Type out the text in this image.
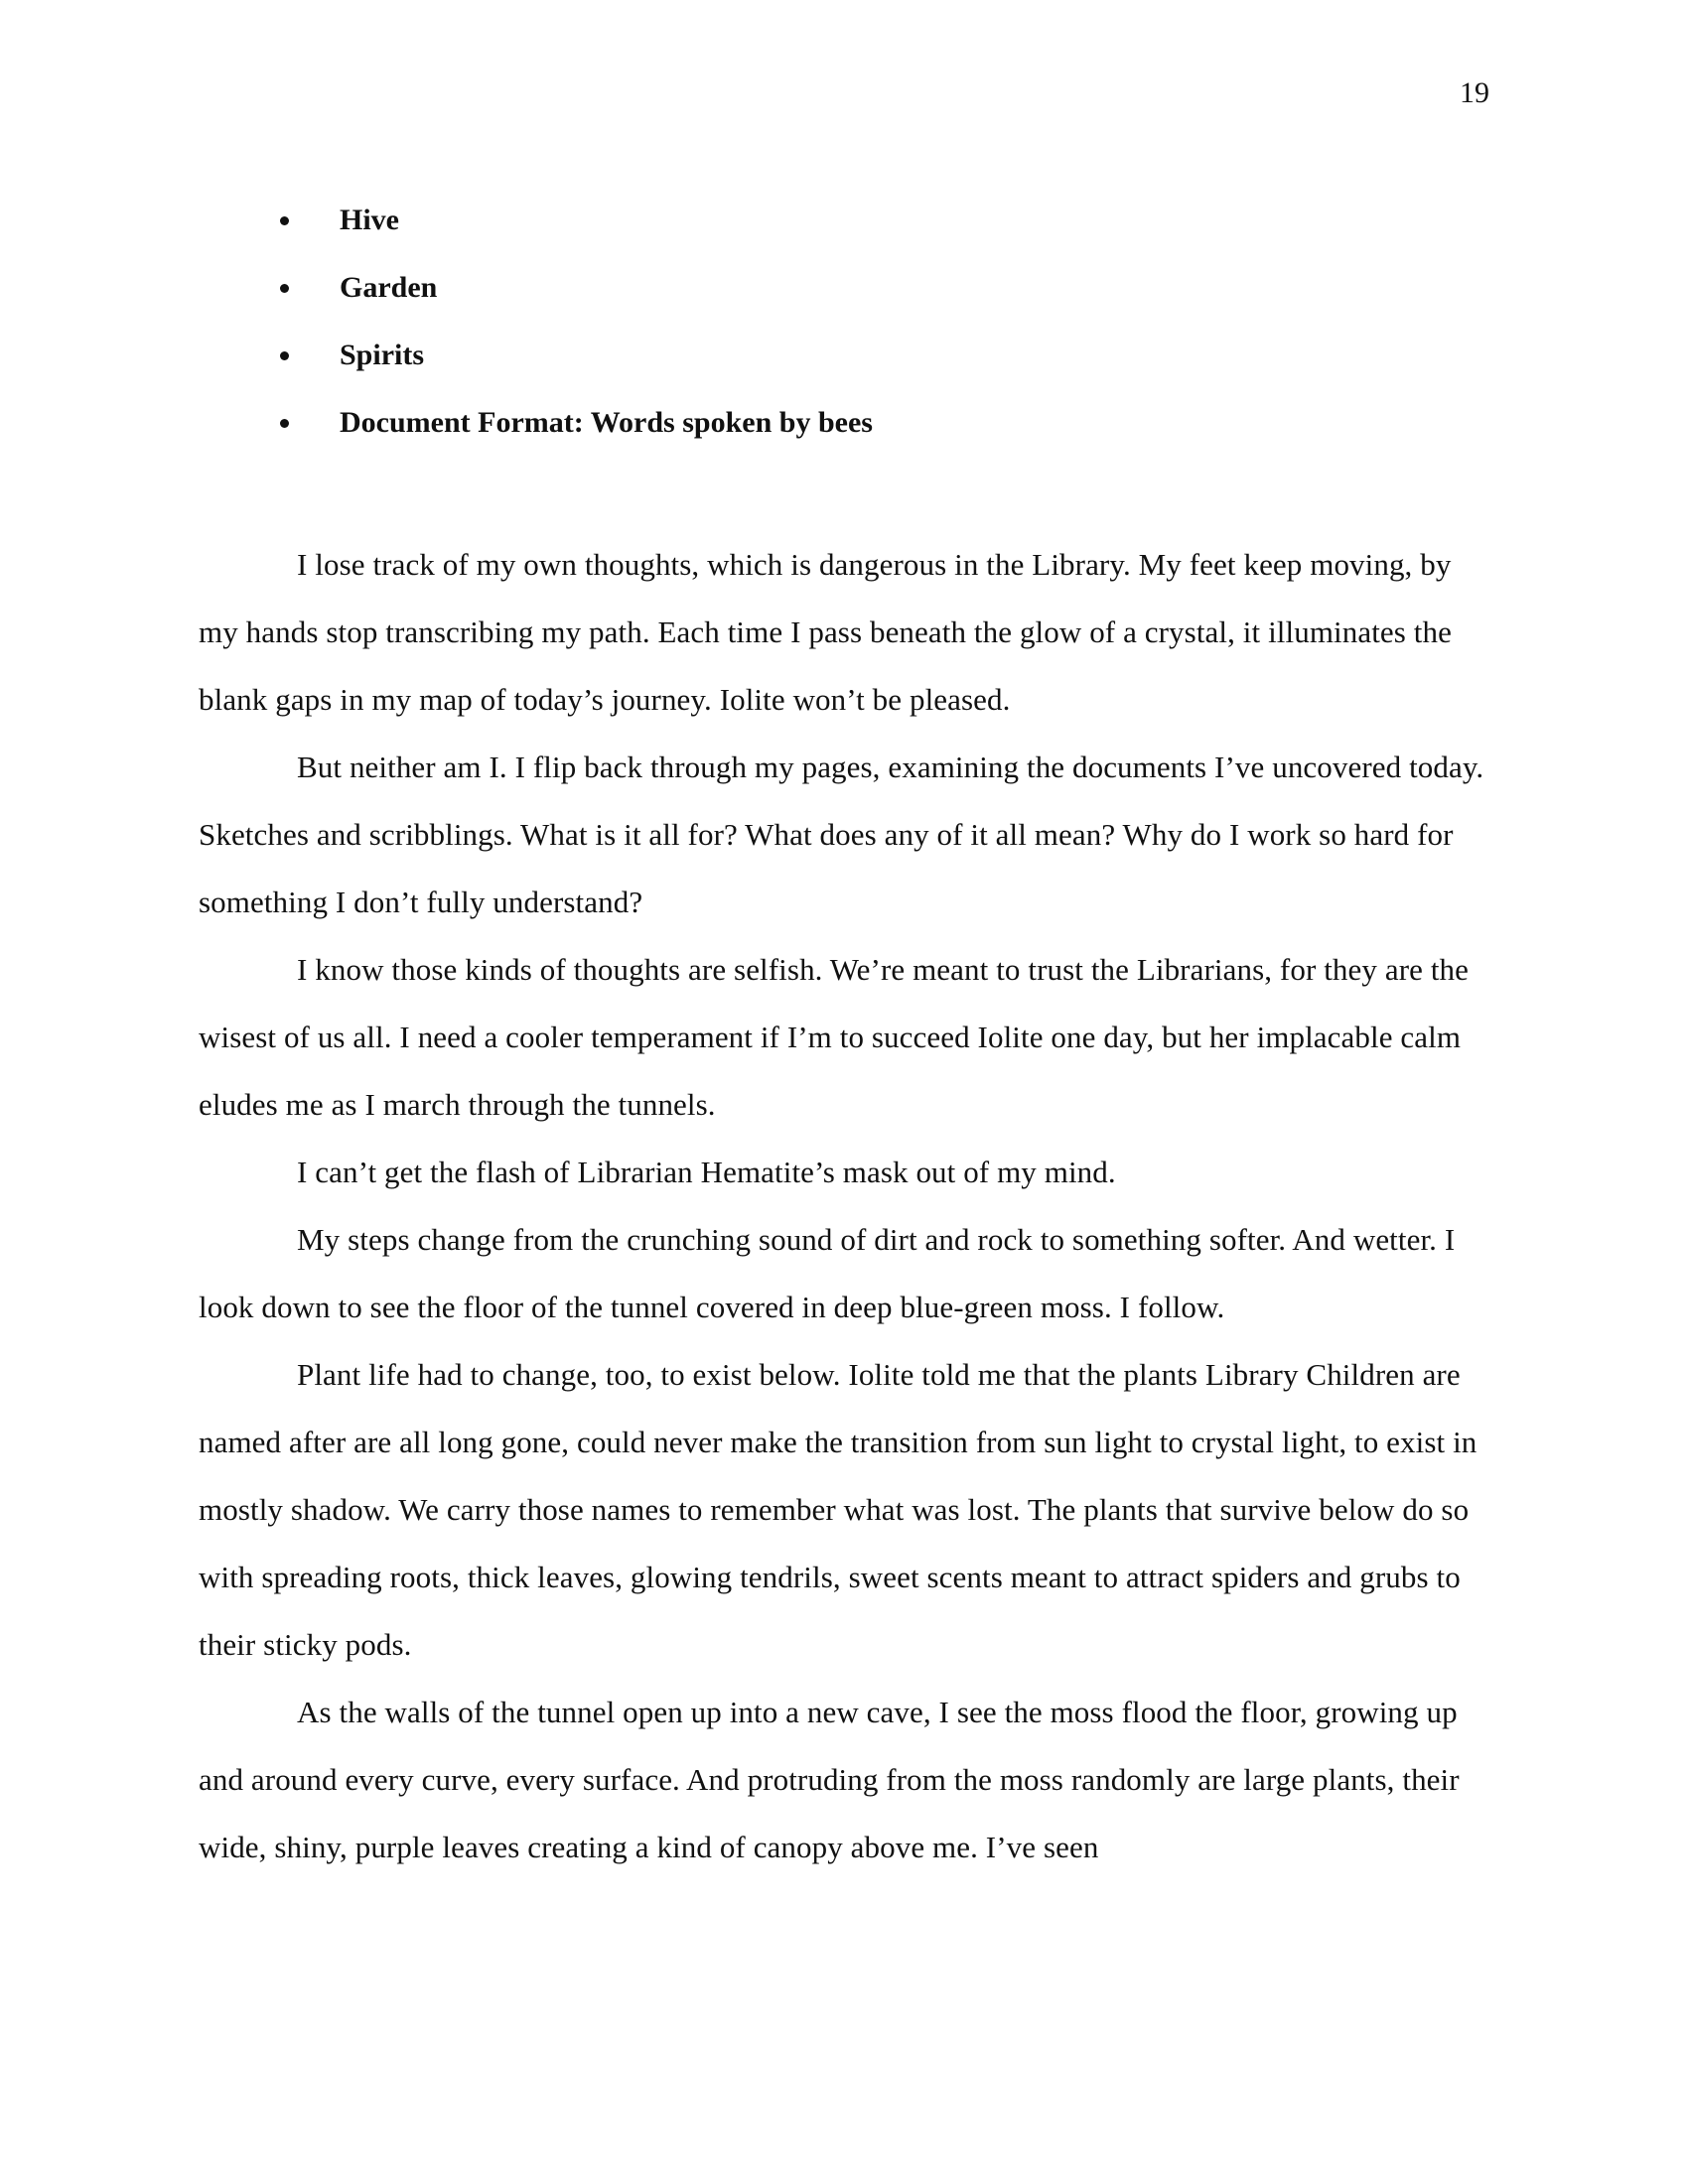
19
Hive
Garden
Spirits
Document Format: Words spoken by bees

I lose track of my own thoughts, which is dangerous in the Library. My feet keep moving, by my hands stop transcribing my path. Each time I pass beneath the glow of a crystal, it illuminates the blank gaps in my map of today’s journey. Iolite won’t be pleased.

But neither am I. I flip back through my pages, examining the documents I’ve uncovered today. Sketches and scribblings. What is it all for? What does any of it all mean? Why do I work so hard for something I don’t fully understand?

I know those kinds of thoughts are selfish. We’re meant to trust the Librarians, for they are the wisest of us all. I need a cooler temperament if I’m to succeed Iolite one day, but her implacable calm eludes me as I march through the tunnels.

I can’t get the flash of Librarian Hematite’s mask out of my mind.

My steps change from the crunching sound of dirt and rock to something softer. And wetter. I look down to see the floor of the tunnel covered in deep blue-green moss. I follow.

Plant life had to change, too, to exist below. Iolite told me that the plants Library Children are named after are all long gone, could never make the transition from sun light to crystal light, to exist in mostly shadow. We carry those names to remember what was lost. The plants that survive below do so with spreading roots, thick leaves, glowing tendrils, sweet scents meant to attract spiders and grubs to their sticky pods.

As the walls of the tunnel open up into a new cave, I see the moss flood the floor, growing up and around every curve, every surface. And protruding from the moss randomly are large plants, their wide, shiny, purple leaves creating a kind of canopy above me. I’ve seen
